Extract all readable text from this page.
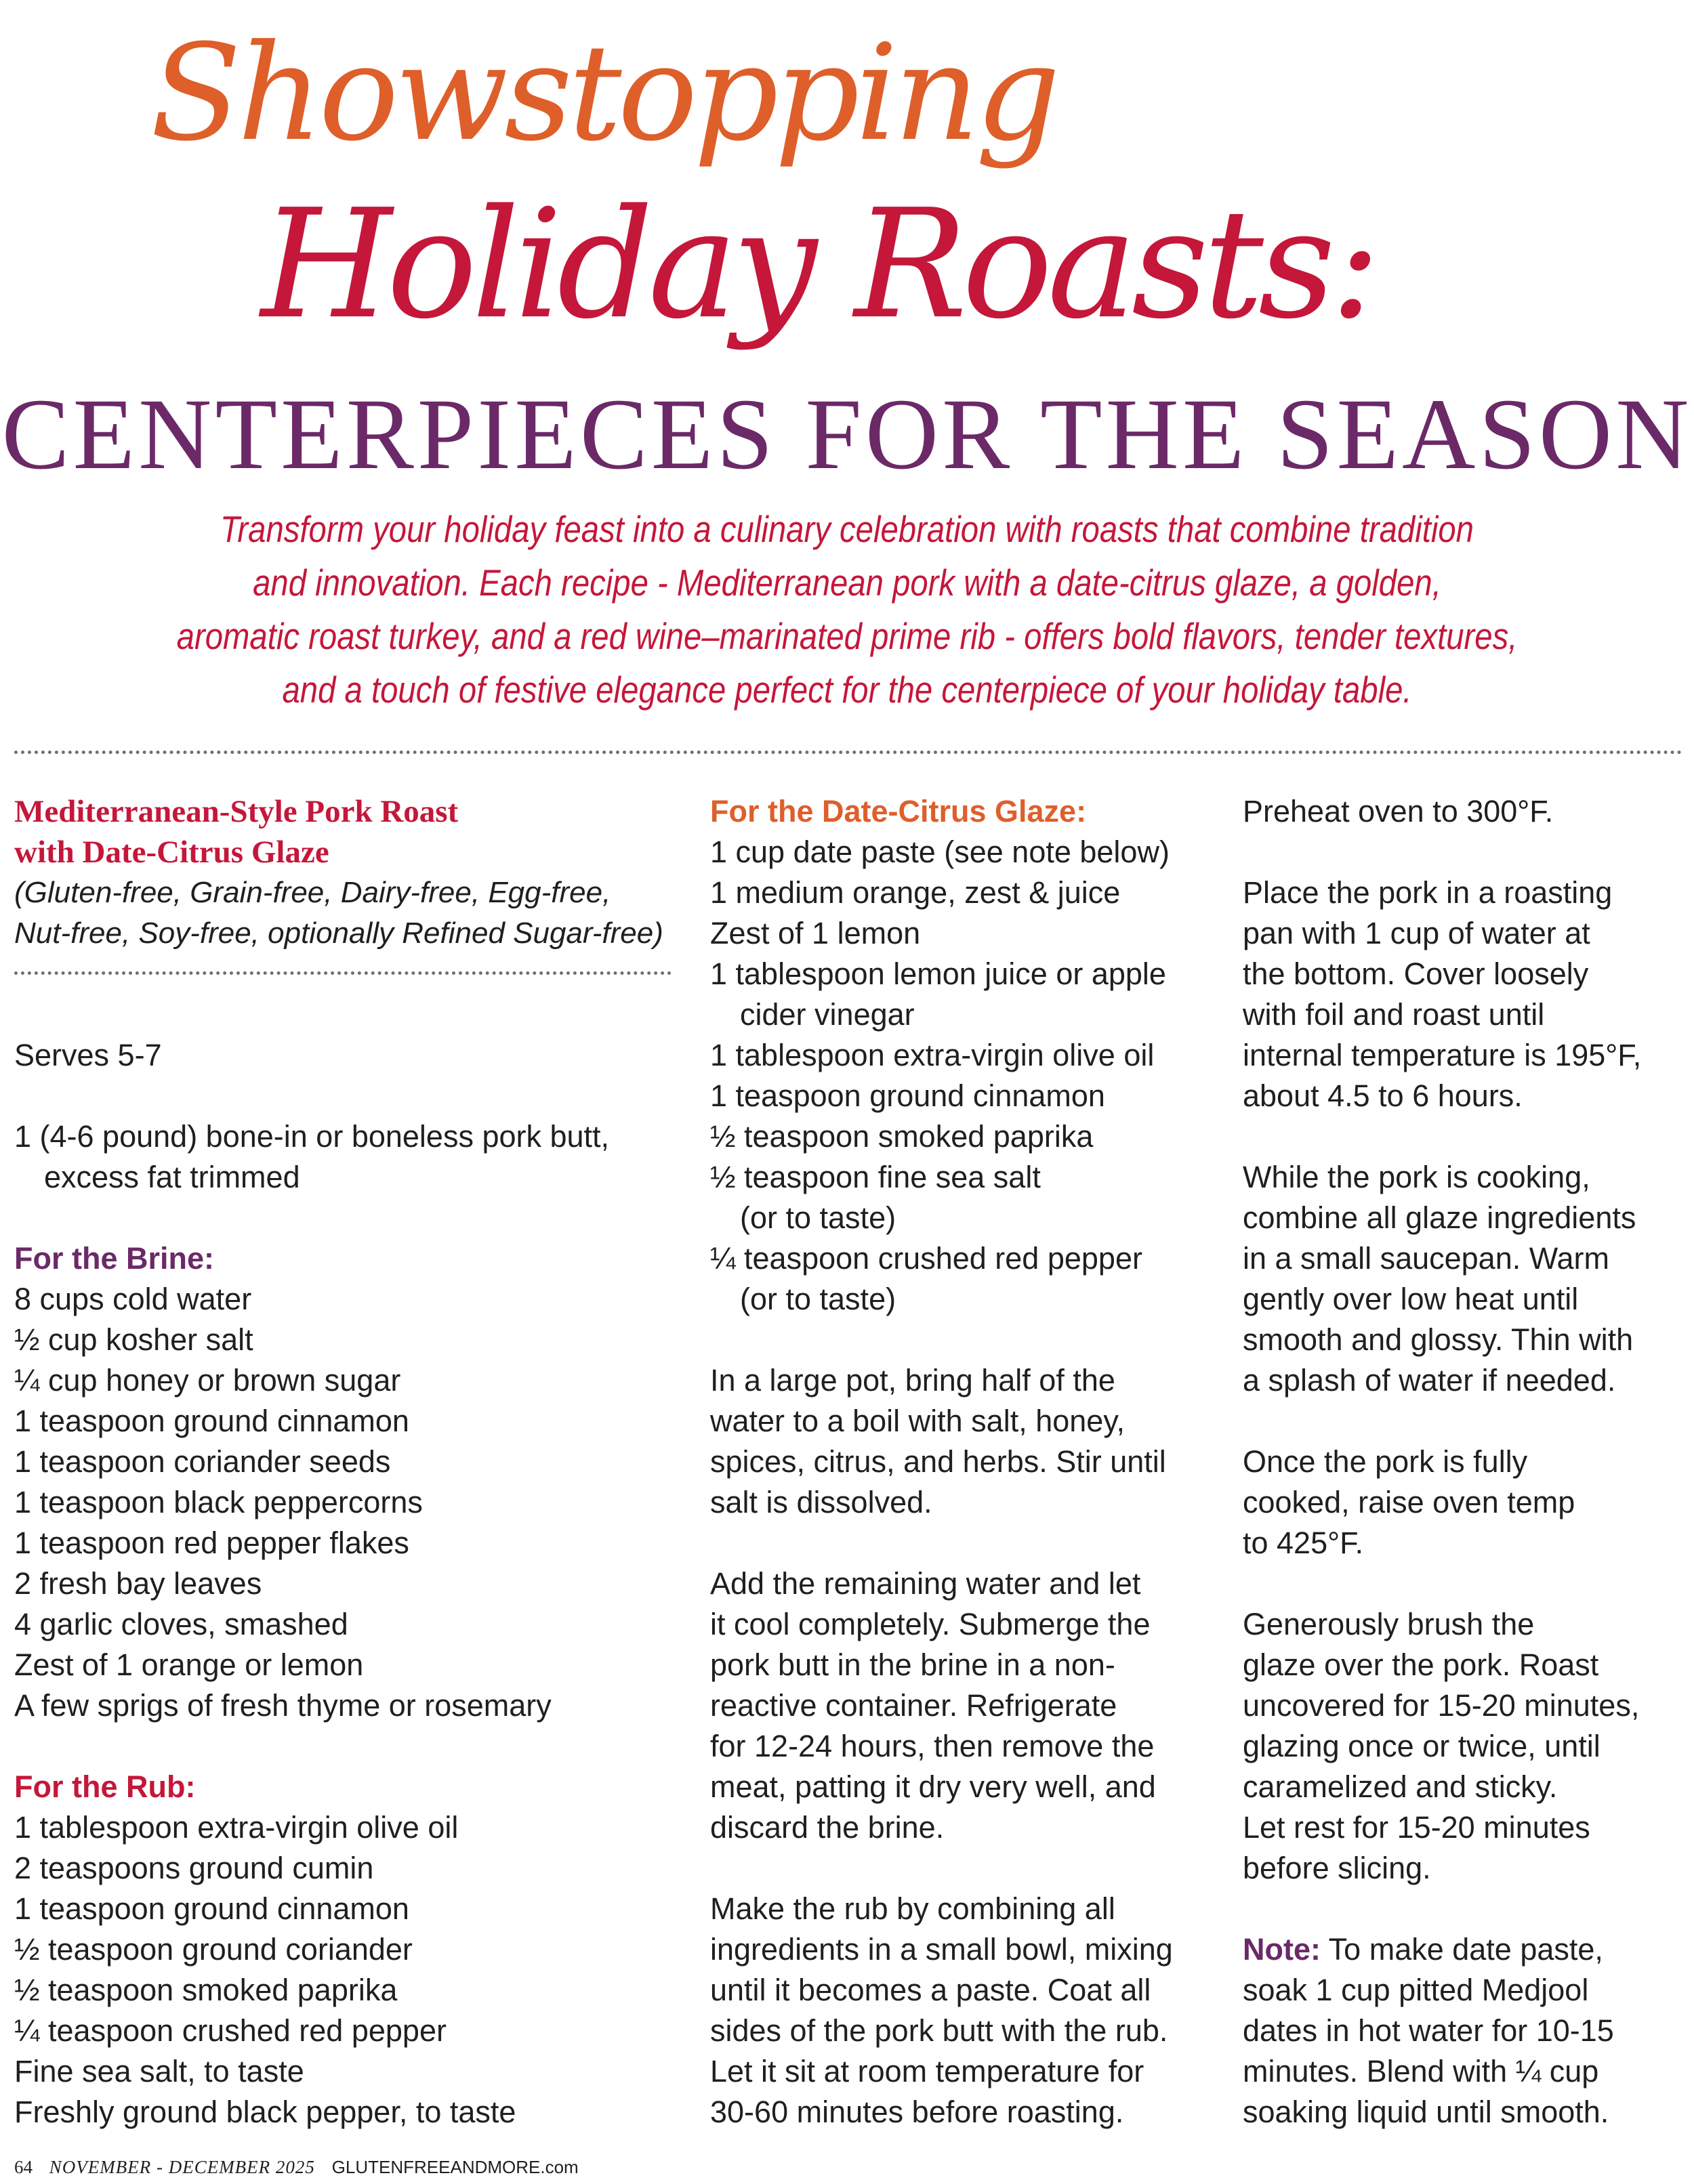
Showstopping
Holiday Roasts:
CENTERPIECES FOR THE SEASON
Transform your holiday feast into a culinary celebration with roasts that combine tradition
and innovation. Each recipe - Mediterranean pork with a date-citrus glaze, a golden,
aromatic roast turkey, and a red wine–marinated prime rib - offers bold flavors, tender textures,
and a touch of festive elegance perfect for the centerpiece of your holiday table.
Mediterranean-Style Pork Roast
with Date-Citrus Glaze
(Gluten-free, Grain-free, Dairy-free, Egg-free,
Nut-free, Soy-free, optionally Refined Sugar-free)
Serves 5-7
1 (4-6 pound) bone-in or boneless pork butt,
excess fat trimmed
For the Brine:
8 cups cold water
½ cup kosher salt
¼ cup honey or brown sugar
1 teaspoon ground cinnamon
1 teaspoon coriander seeds
1 teaspoon black peppercorns
1 teaspoon red pepper flakes
2 fresh bay leaves
4 garlic cloves, smashed
Zest of 1 orange or lemon
A few sprigs of fresh thyme or rosemary
For the Rub:
1 tablespoon extra-virgin olive oil
2 teaspoons ground cumin
1 teaspoon ground cinnamon
½ teaspoon ground coriander
½ teaspoon smoked paprika
¼ teaspoon crushed red pepper
Fine sea salt, to taste
Freshly ground black pepper, to taste
For the Date-Citrus Glaze:
1 cup date paste (see note below)
1 medium orange, zest & juice
Zest of 1 lemon
1 tablespoon lemon juice or apple
cider vinegar
1 tablespoon extra-virgin olive oil
1 teaspoon ground cinnamon
½ teaspoon smoked paprika
½ teaspoon fine sea salt
(or to taste)
¼ teaspoon crushed red pepper
(or to taste)
In a large pot, bring half of the
water to a boil with salt, honey,
spices, citrus, and herbs. Stir until
salt is dissolved.
Add the remaining water and let
it cool completely. Submerge the
pork butt in the brine in a non-
reactive container. Refrigerate
for 12-24 hours, then remove the
meat, patting it dry very well, and
discard the brine.
Make the rub by combining all
ingredients in a small bowl, mixing
until it becomes a paste. Coat all
sides of the pork butt with the rub.
Let it sit at room temperature for
30-60 minutes before roasting.
Preheat oven to 300°F.
Place the pork in a roasting
pan with 1 cup of water at
the bottom. Cover loosely
with foil and roast until
internal temperature is 195°F,
about 4.5 to 6 hours.
While the pork is cooking,
combine all glaze ingredients
in a small saucepan. Warm
gently over low heat until
smooth and glossy. Thin with
a splash of water if needed.
Once the pork is fully
cooked, raise oven temp
to 425°F.
Generously brush the
glaze over the pork. Roast
uncovered for 15-20 minutes,
glazing once or twice, until
caramelized and sticky.
Let rest for 15-20 minutes
before slicing.
Note: To make date paste,
soak 1 cup pitted Medjool
dates in hot water for 10-15
minutes. Blend with ¼ cup
soaking liquid until smooth.
64 NOVEMBER - DECEMBER 2025 GLUTENFREEANDMORE.com
